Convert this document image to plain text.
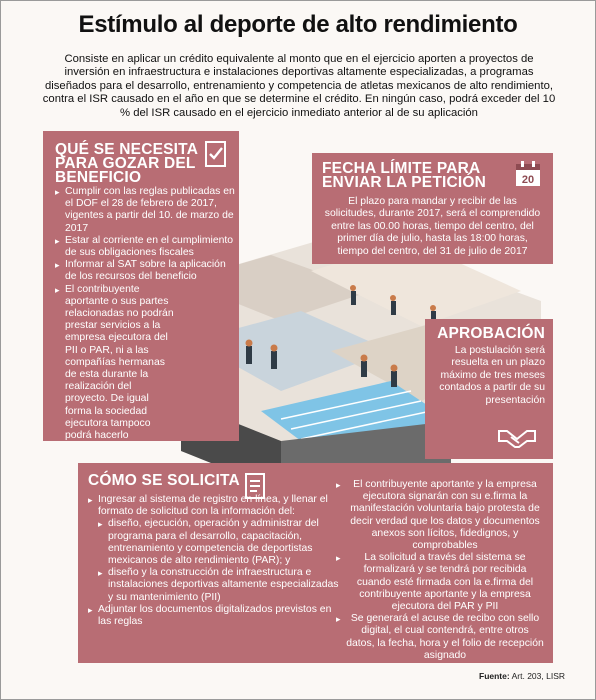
Estímulo al deporte de alto rendimiento
Consiste en aplicar un crédito equivalente al monto que en el ejercicio aporten a proyectos de inversión en infraestructura e instalaciones deportivas altamente especializadas, a programas diseñados para el desarrollo, entrenamiento y competencia de atletas mexicanos de alto rendimiento, contra el ISR causado en el año en que se determine el crédito. En ningún caso, podrá exceder del 10 % del ISR causado en el ejercicio inmediato anterior al de su aplicación
QUÉ SE NECESITA PARA GOZAR DEL BENEFICIO
▸ Cumplir con las reglas publicadas en el DOF el 28 de febrero de 2017, vigentes a partir del 10. de marzo de 2017
▸ Estar al corriente en el cumplimiento de sus obligaciones fiscales
▸ Informar al SAT sobre la aplicación de los recursos del beneficio
▸ El contribuyente aportante o sus partes relacionadas no podrán prestar servicios a la empresa ejecutora del PII o PAR, ni a las compañías hermanas de esta durante la realización del proyecto. De igual forma la sociedad ejecutora tampoco podrá hacerlo
FECHA LÍMITE PARA ENVIAR LA PETICIÓN	20
El plazo para mandar y recibir de las solicitudes, durante 2017, será el comprendido entre las 00.00 horas, tiempo del centro, del primer día de julio, hasta las 18:00 horas, tiempo del centro, del 31 de julio de 2017
APROBACIÓN
La postulación será resuelta en un plazo máximo de tres meses contados a partir de su presentación
CÓMO SE SOLICITA
▸ Ingresar al sistema de registro en línea, y llenar el formato de solicitud con la información del:
▸ diseño, ejecución, operación y administrar del programa para el desarrollo, capacitación, entrenamiento y competencia de deportistas mexicanos de alto rendimiento (PAR); y
▸ diseño y la construcción de infraestructura e instalaciones deportivas altamente especializadas y su mantenimiento (PII)
▸ Adjuntar los documentos digitalizados previstos en las reglas
▸ El contribuyente aportante y la empresa ejecutora signarán con su e.firma la manifestación voluntaria bajo protesta de decir verdad que los datos y documentos anexos son lícitos, fidedignos, y comprobables
▸ La solicitud a través del sistema se formalizará y se tendrá por recibida cuando esté firmada con la e.firma del contribuyente aportante y la empresa ejecutora del PAR y PII
▸ Se generará el acuse de recibo con sello digital, el cual contendrá, entre otros datos, la fecha, hora y el folio de recepción asignado
Fuente: Art. 203, LISR
